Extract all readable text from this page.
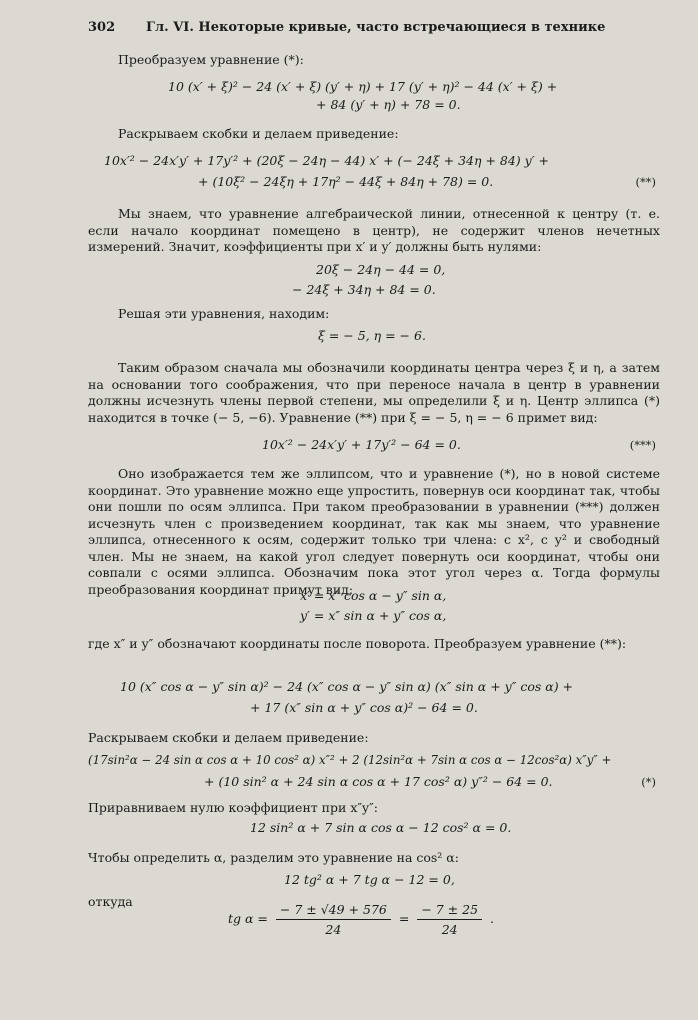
302 Гл. VI. Некоторые кривые, часто встречающиеся в технике
Преобразуем уравнение (*):
10 (x′ + ξ)² − 24 (x′ + ξ) (y′ + η) + 17 (y′ + η)² − 44 (x′ + ξ) +
+ 84 (y′ + η) + 78 = 0.
Раскрываем скобки и делаем приведение:
10x′² − 24x′y′ + 17y′² + (20ξ − 24η − 44) x′ + (− 24ξ + 34η + 84) y′ +
+ (10ξ² − 24ξη + 17η² − 44ξ + 84η + 78) = 0.	(**)
Мы знаем, что уравнение алгебраической линии, отнесенной к центру (т. е. если начало координат помещено в центр), не содержит членов нечетных измерений. Значит, коэффициенты при x′ и y′ должны быть нулями:
20ξ − 24η − 44 = 0,
− 24ξ + 34η + 84 = 0.
Решая эти уравнения, находим:
ξ = − 5, η = − 6.
Таким образом сначала мы обозначили координаты центра через ξ и η, а затем на основании того соображения, что при переносе начала в центр в уравнении должны исчезнуть члены первой степени, мы определили ξ и η. Центр эллипса (*) находится в точке (− 5, −6). Уравнение (**) при ξ = − 5, η = − 6 примет вид:
10x′² − 24x′y′ + 17y′² − 64 = 0.	(***)
Оно изображается тем же эллипсом, что и уравнение (*), но в новой системе координат. Это уравнение можно еще упростить, повернув оси координат так, чтобы они пошли по осям эллипса. При таком преобразовании в уравнении (***) должен исчезнуть член с произведением координат, так как мы знаем, что уравнение эллипса, отнесенного к осям, содержит только три члена: с x², с y² и свободный член. Мы не знаем, на какой угол следует повернуть оси координат, чтобы они совпали с осями эллипса. Обозначим пока этот угол через α. Тогда формулы преобразования координат примут вид:
x′ = x″ cos α − y″ sin α,
y′ = x″ sin α + y″ cos α,
где x″ и y″ обозначают координаты после поворота. Преобразуем уравнение (**):
10 (x″ cos α − y″ sin α)² − 24 (x″ cos α − y″ sin α) (x″ sin α + y″ cos α) +
+ 17 (x″ sin α + y″ cos α)² − 64 = 0.
Раскрываем скобки и делаем приведение:
(17sin²α − 24 sin α cos α + 10 cos² α) x″² + 2 (12sin²α + 7sin α cos α − 12cos²α) x″y″ +
+ (10 sin² α + 24 sin α cos α + 17 cos² α) y″² − 64 = 0.	(*)
Приравниваем нулю коэффициент при x″y″:
12 sin² α + 7 sin α cos α − 12 cos² α = 0.
Чтобы определить α, разделим это уравнение на cos² α:
12 tg² α + 7 tg α − 12 = 0,
откуда
tg $\alpha = \frac{- 7 \pm √49 + 576}{24} = \frac{- 7 \pm 25}{24}$ .
